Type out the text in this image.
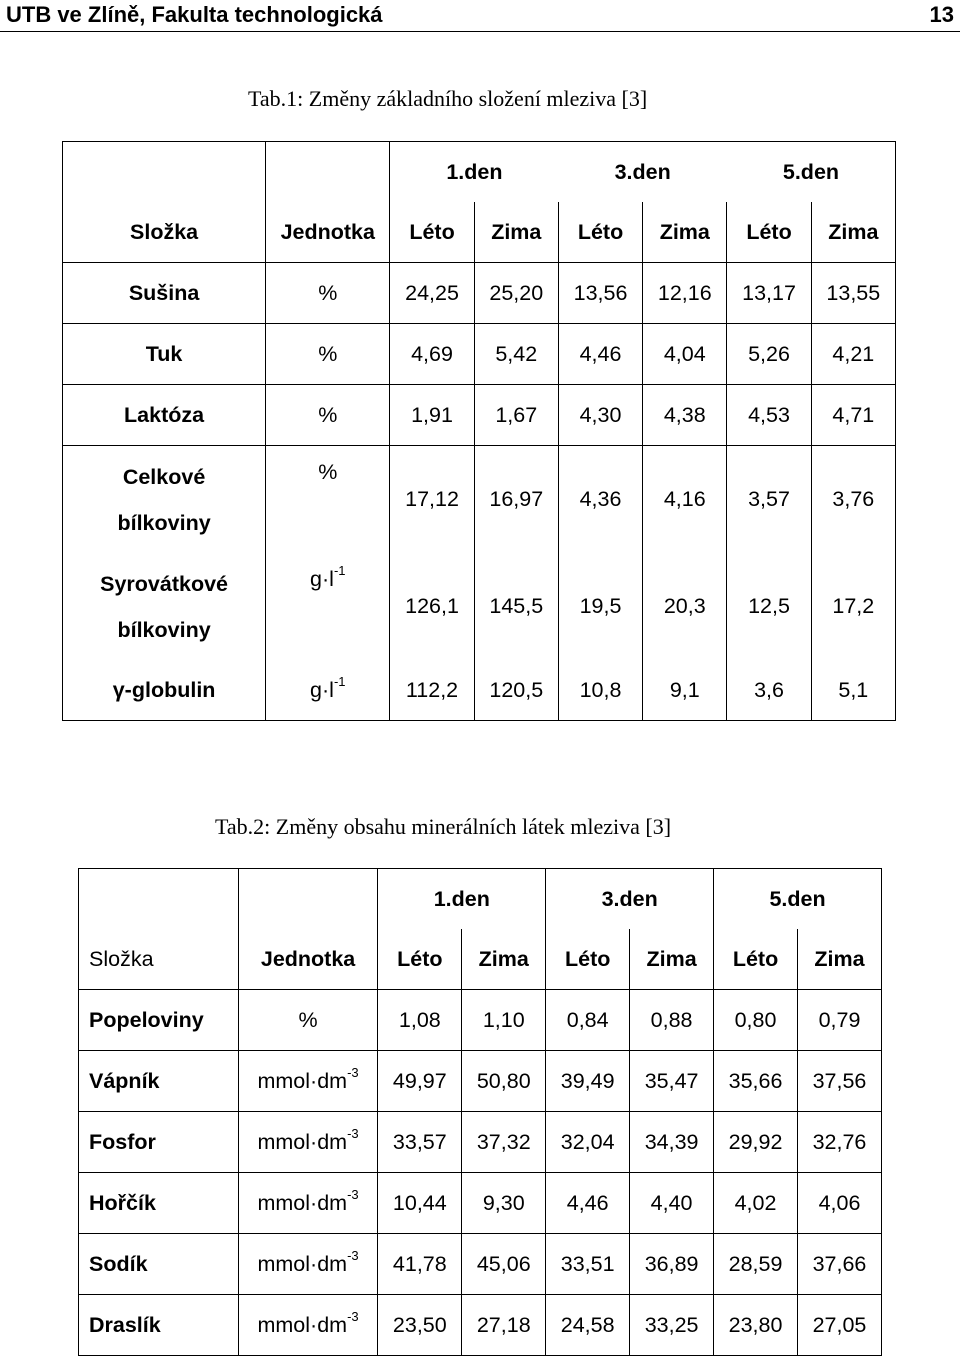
UTB ve Zlíně, Fakulta technologická	13
Tab.1: Změny základního složení mleziva [3]
		1.den		3.den		5.den	
Složka	Jednotka	Léto	Zima	Léto	Zima	Léto	Zima
Sušina	%	24,25	25,20	13,56	12,16	13,17	13,55
Tuk	%	4,69	5,42	4,46	4,04	5,26	4,21
Laktóza	%	1,91	1,67	4,30	4,38	4,53	4,71

Celkové
bílkoviny	%	17,12	16,97	4,36	4,16	3,57	3,76

Syrovátkové
bílkoviny	$g\cdot l^{-1}$	126,1	145,5	19,5	20,3	12,5	17,2
γ-globulin	$g\cdot l^{-1}$	112,2	120,5	10,8	9,1	3,6	5,1
Tab.2: Změny obsahu minerálních látek mleziva [3]
		1.den		3.den		5.den	
Složka	Jednotka	Léto	Zima	Léto	Zima	Léto	Zima
Popeloviny	%	1,08	1,10	0,84	0,88	0,80	0,79
Vápník	$mmol\cdot dm^{-3}$	49,97	50,80	39,49	35,47	35,66	37,56
Fosfor	$mmol\cdot dm^{-3}$	33,57	37,32	32,04	34,39	29,92	32,76
Hořčík	$mmol\cdot dm^{-3}$	10,44	9,30	4,46	4,40	4,02	4,06
Sodík	$mmol\cdot dm^{-3}$	41,78	45,06	33,51	36,89	28,59	37,66
Draslík	$mmol\cdot dm^{-3}$	23,50	27,18	24,58	33,25	23,80	27,05
